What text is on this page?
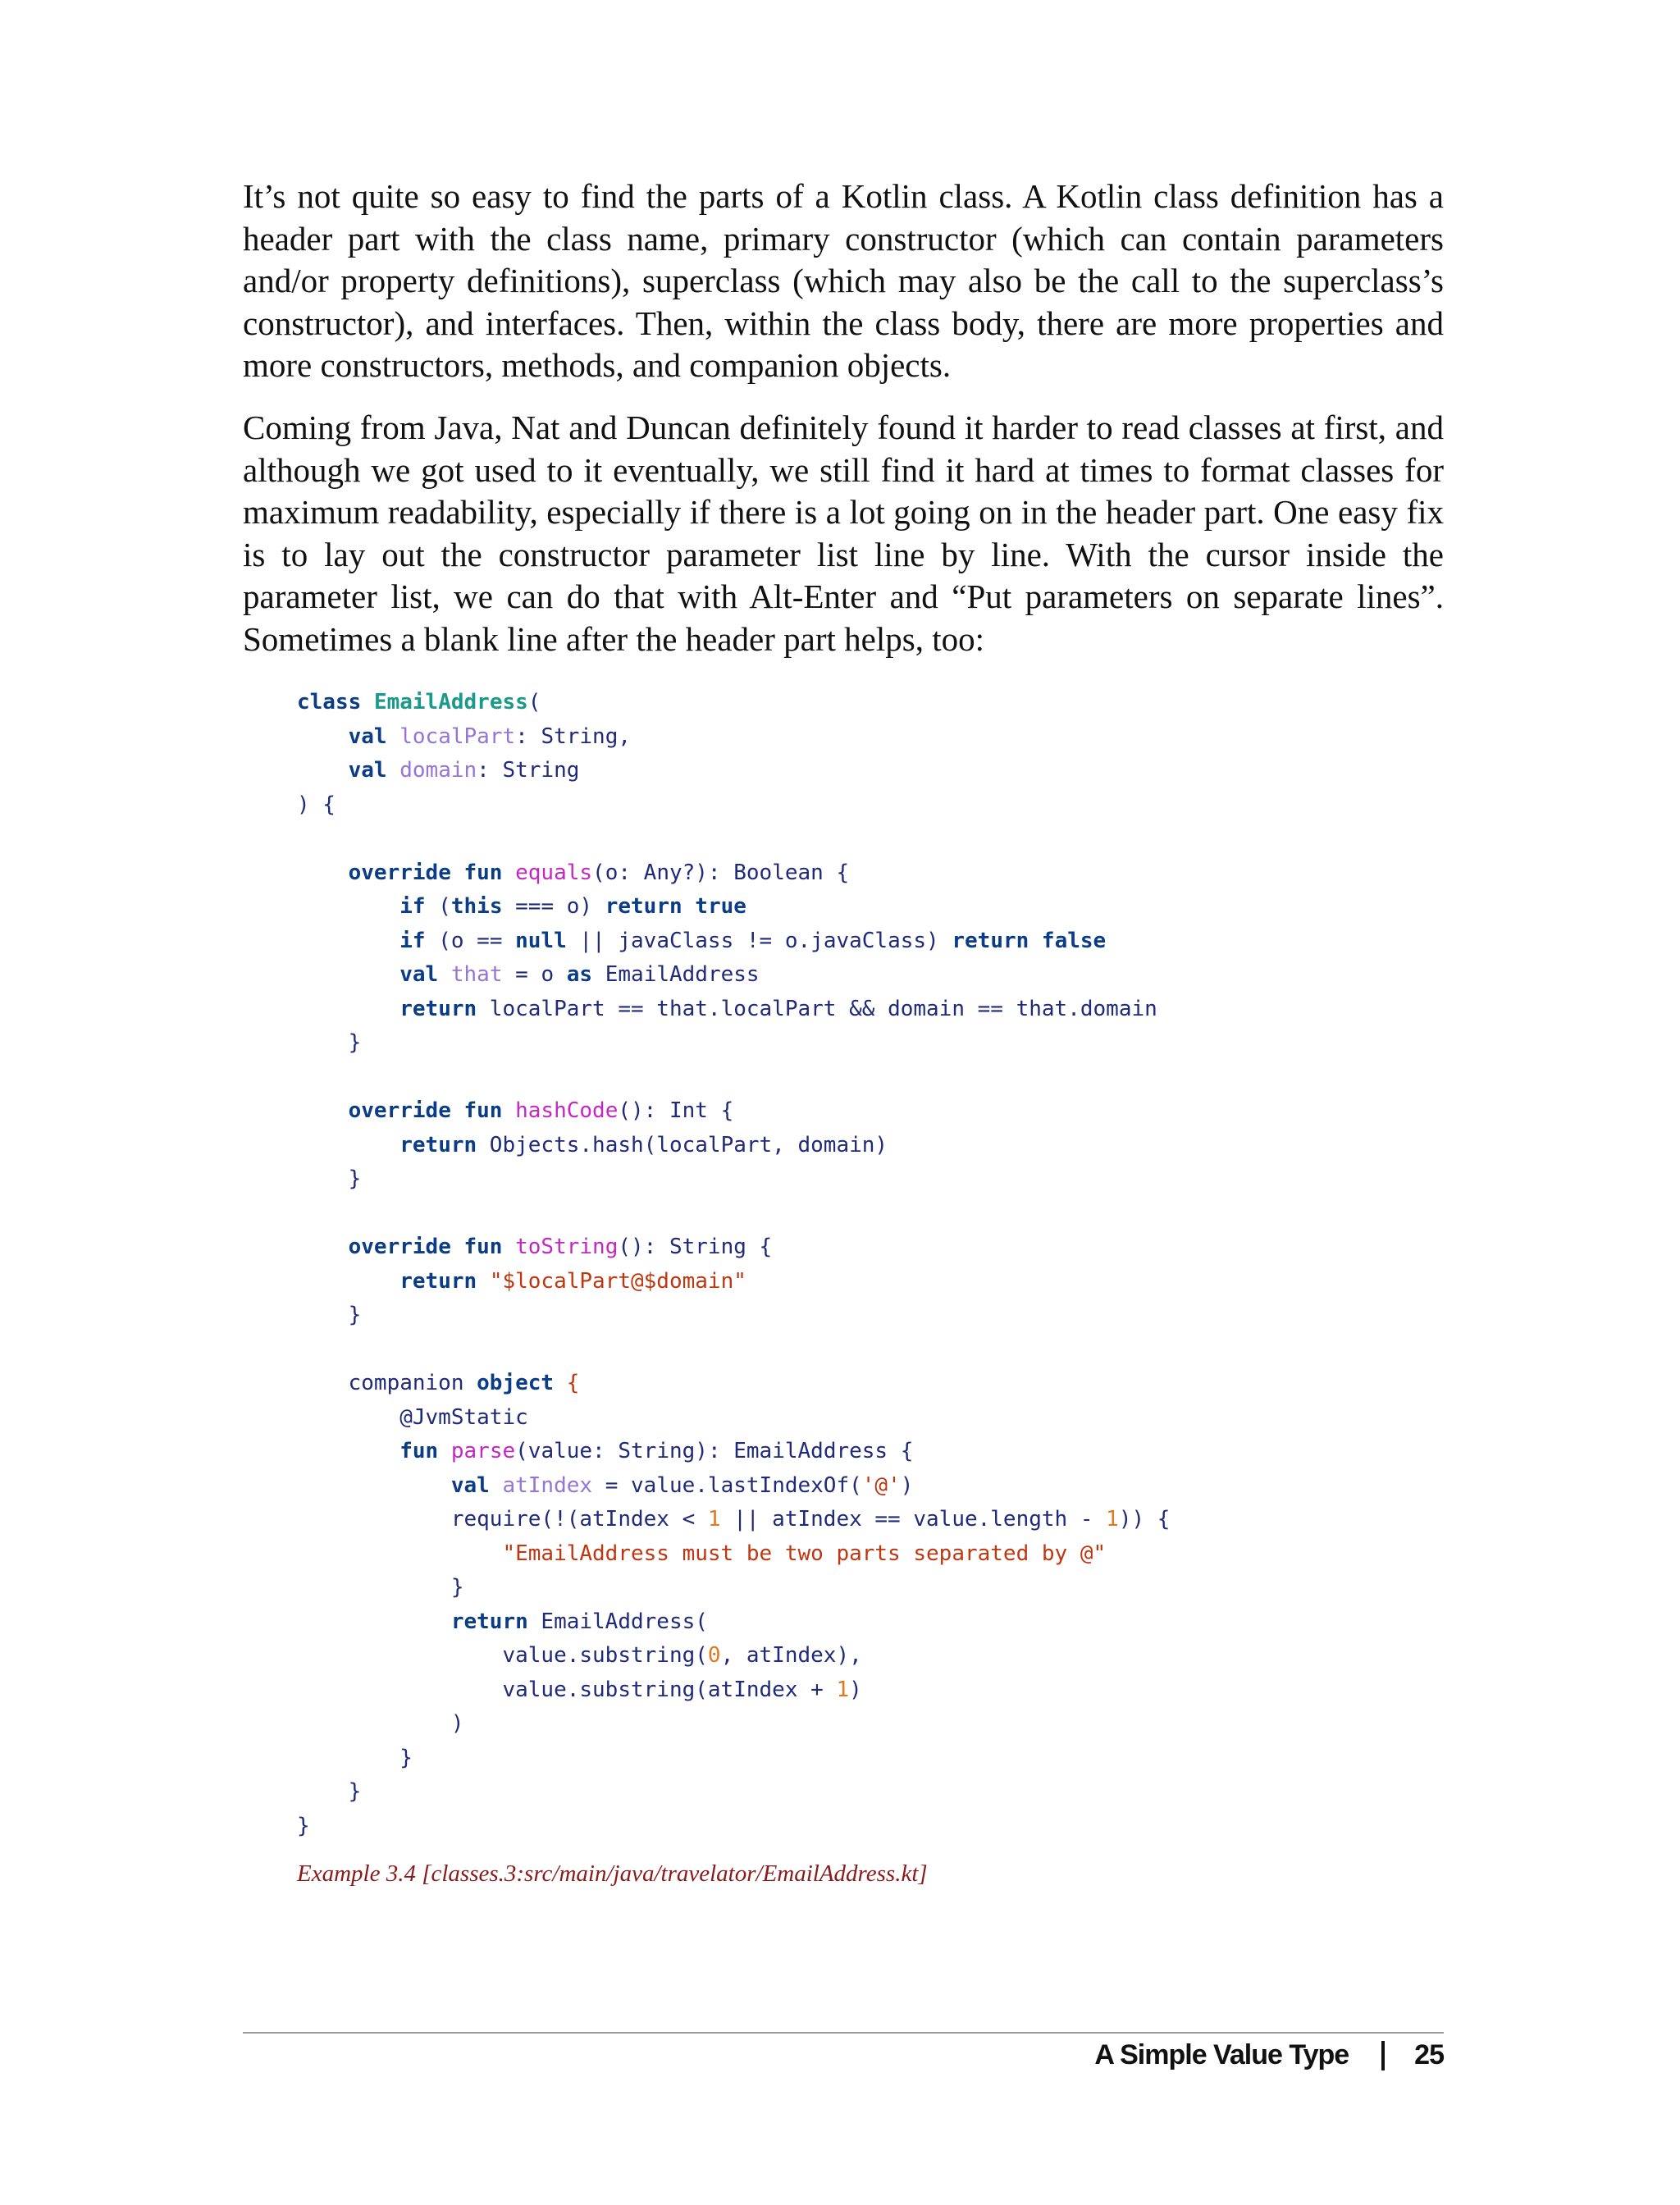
It’s not quite so easy to find the parts of a Kotlin class. A Kotlin class definition has a header part with the class name, primary constructor (which can contain parameters and/or property definitions), superclass (which may also be the call to the superclass’s constructor), and interfaces. Then, within the class body, there are more properties and more constructors, methods, and companion objects.

Coming from Java, Nat and Duncan definitely found it harder to read classes at first, and although we got used to it eventually, we still find it hard at times to format classes for maximum readability, especially if there is a lot going on in the header part. One easy fix is to lay out the constructor parameter list line by line. With the cursor inside the parameter list, we can do that with Alt-Enter and “Put parameters on separate lines”. Sometimes a blank line after the header part helps, too:

class EmailAddress(
val localPart: String,
val domain: String
) {

override fun equals(o: Any?): Boolean {
if (this === o) return true
if (o == null || javaClass != o.javaClass) return false
val that = o as EmailAddress
return localPart == that.localPart && domain == that.domain
}

override fun hashCode(): Int {
return Objects.hash(localPart, domain)
}

override fun toString(): String {
return "$localPart@$domain"
}

companion object {
@JvmStatic
fun parse(value: String): EmailAddress {
val atIndex = value.lastIndexOf('@')
require(!(atIndex < 1 || atIndex == value.length - 1)) {
"EmailAddress must be two parts separated by @"
}
return EmailAddress(
value.substring(0, atIndex),
value.substring(atIndex + 1)
)
}
}
}
Example 3.4 [classes.3:src/main/java/travelator/EmailAddress.kt]
A Simple Value Type 25
